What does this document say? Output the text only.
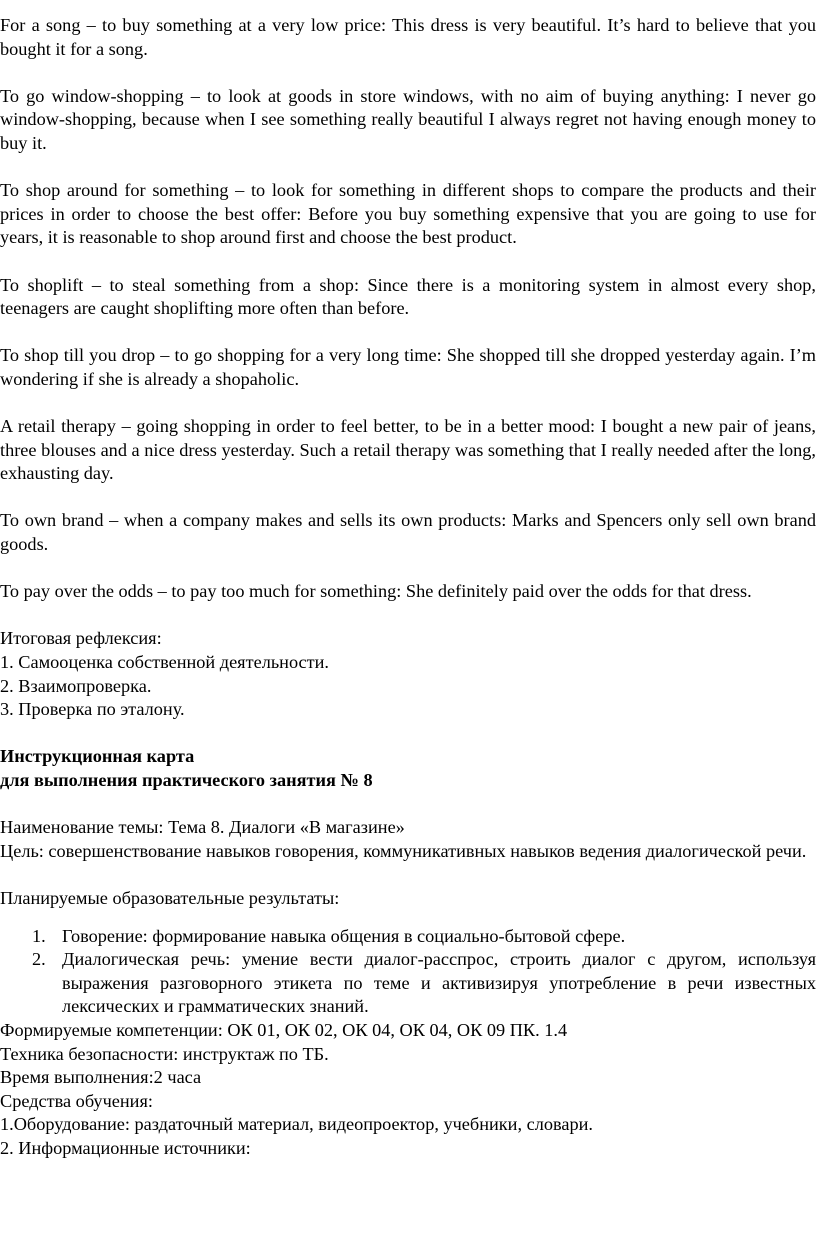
For a song – to buy something at a very low price: This dress is very beautiful. It’s hard to believe that you bought it for a song.

To go window-shopping – to look at goods in store windows, with no aim of buying anything: I never go window-shopping, because when I see something really beautiful I always regret not having enough money to buy it.

To shop around for something – to look for something in different shops to compare the products and their prices in order to choose the best offer: Before you buy something expensive that you are going to use for years, it is reasonable to shop around first and choose the best product.

To shoplift – to steal something from a shop: Since there is a monitoring system in almost every shop, teenagers are caught shoplifting more often than before.

To shop till you drop – to go shopping for a very long time: She shopped till she dropped yesterday again. I’m wondering if she is already a shopaholic.

A retail therapy – going shopping in order to feel better, to be in a better mood: I bought a new pair of jeans, three blouses and a nice dress yesterday. Such a retail therapy was something that I really needed after the long, exhausting day.

To own brand – when a company makes and sells its own products: Marks and Spencers only sell own brand goods.

To pay over the odds – to pay too much for something: She definitely paid over the odds for that dress.

Итоговая рефлексия:
1. Самооценка собственной деятельности.
2. Взаимопроверка.
3. Проверка по эталону.
Инструкционная карта
для выполнения практического занятия № 8
Наименование темы: Тема 8. Диалоги «В магазине»

Цель: совершенствование навыков говорения, коммуникативных навыков ведения диалогической речи.

Планируемые образовательные результаты:
1. Говорение: формирование навыка общения в социально-бытовой сфере.
2. Диалогическая речь: умение вести диалог-расспрос, строить диалог с другом, используя выражения разговорного этикета по теме и активизируя употребление в речи известных лексических и грамматических знаний.
Формируемые компетенции: ОК 01, ОК 02, ОК 04, ОК 04, ОК 09 ПК. 1.4
Техника безопасности: инструктаж по ТБ.
Время выполнения:2 часа
Средства обучения:
1.Оборудование: раздаточный материал, видеопроектор, учебники, словари.
2. Информационные источники:
